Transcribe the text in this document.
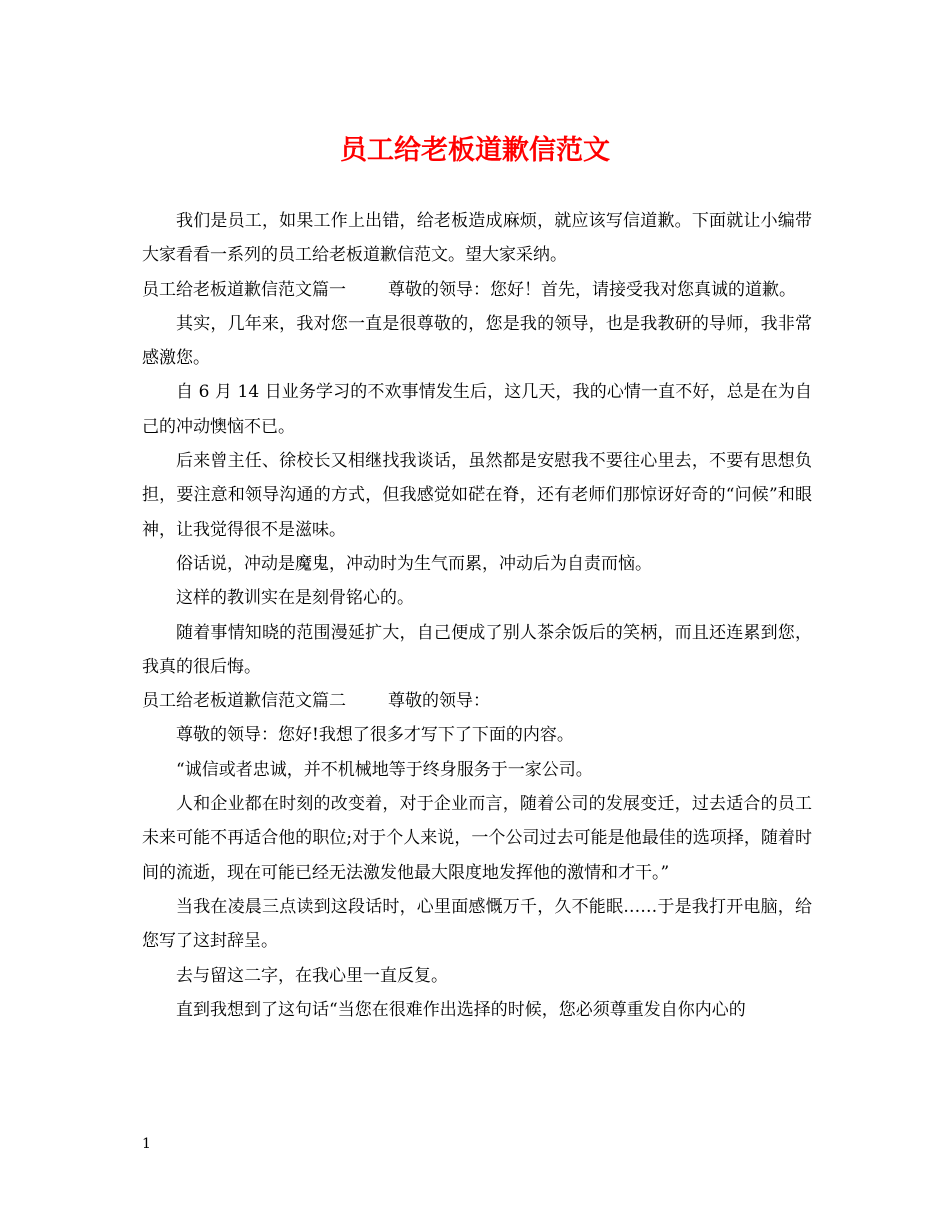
员工给老板道歉信范文

我们是员工，如果工作上出错，给老板造成麻烦，就应该写信道歉。下面就让小编带大家看看一系列的员工给老板道歉信范文。望大家采纳。

员工给老板道歉信范文篇一 尊敬的领导：您好！首先，请接受我对您真诚的道歉。

其实，几年来，我对您一直是很尊敬的，您是我的领导，也是我教研的导师，我非常感激您。

自 6 月 14 日业务学习的不欢事情发生后，这几天，我的心情一直不好，总是在为自己的冲动懊恼不已。

后来曾主任、徐校长又相继找我谈话，虽然都是安慰我不要往心里去，不要有思想负担，要注意和领导沟通的方式，但我感觉如硭在脊，还有老师们那惊讶好奇的“问候”和眼神，让我觉得很不是滋味。

俗话说，冲动是魔鬼，冲动时为生气而累，冲动后为自责而恼。

这样的教训实在是刻骨铭心的。

随着事情知晓的范围漫延扩大，自己便成了别人茶余饭后的笑柄，而且还连累到您，我真的很后悔。

员工给老板道歉信范文篇二 尊敬的领导：

尊敬的领导：您好!我想了很多才写下了下面的内容。

“诚信或者忠诚，并不机械地等于终身服务于一家公司。

人和企业都在时刻的改变着，对于企业而言，随着公司的发展变迁，过去适合的员工未来可能不再适合他的职位;对于个人来说，一个公司过去可能是他最佳的选项择，随着时间的流逝，现在可能已经无法激发他最大限度地发挥他的激情和才干。”

当我在凌晨三点读到这段话时，心里面感慨万千，久不能眠……于是我打开电脑，给您写了这封辞呈。

去与留这二字，在我心里一直反复。

直到我想到了这句话“当您在很难作出选择的时候，您必须尊重发自你内心的

1
